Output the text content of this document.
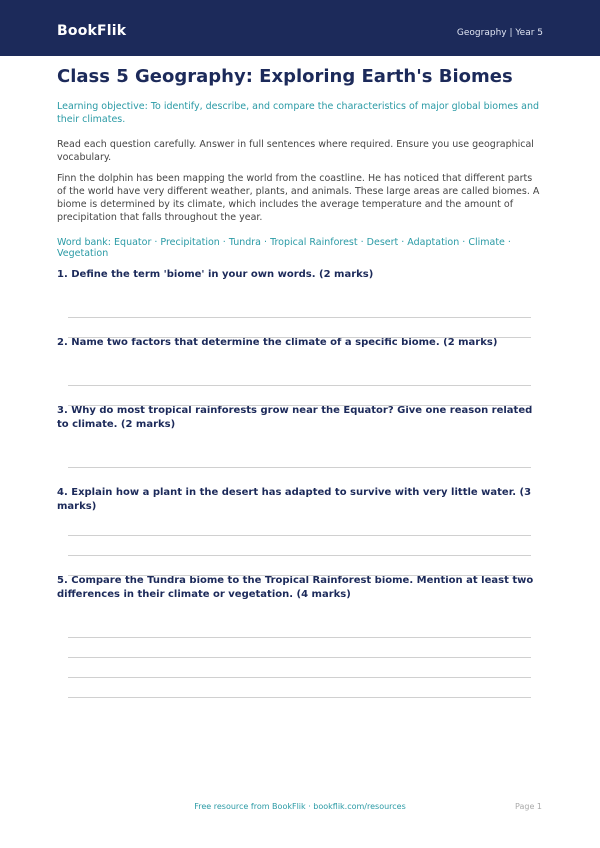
BookFlik	Geography | Year 5
Class 5 Geography: Exploring Earth's Biomes
Learning objective: To identify, describe, and compare the characteristics of major global biomes and their climates.
Read each question carefully. Answer in full sentences where required. Ensure you use geographical vocabulary.
Finn the dolphin has been mapping the world from the coastline. He has noticed that different parts of the world have very different weather, plants, and animals. These large areas are called biomes. A biome is determined by its climate, which includes the average temperature and the amount of precipitation that falls throughout the year.
Word bank: Equator · Precipitation · Tundra · Tropical Rainforest · Desert · Adaptation · Climate · Vegetation
1. Define the term 'biome' in your own words. (2 marks)
2. Name two factors that determine the climate of a specific biome. (2 marks)
3. Why do most tropical rainforests grow near the Equator? Give one reason related to climate. (2 marks)
4. Explain how a plant in the desert has adapted to survive with very little water. (3 marks)
5. Compare the Tundra biome to the Tropical Rainforest biome. Mention at least two differences in their climate or vegetation. (4 marks)
Free resource from BookFlik · bookflik.com/resources	Page 1
